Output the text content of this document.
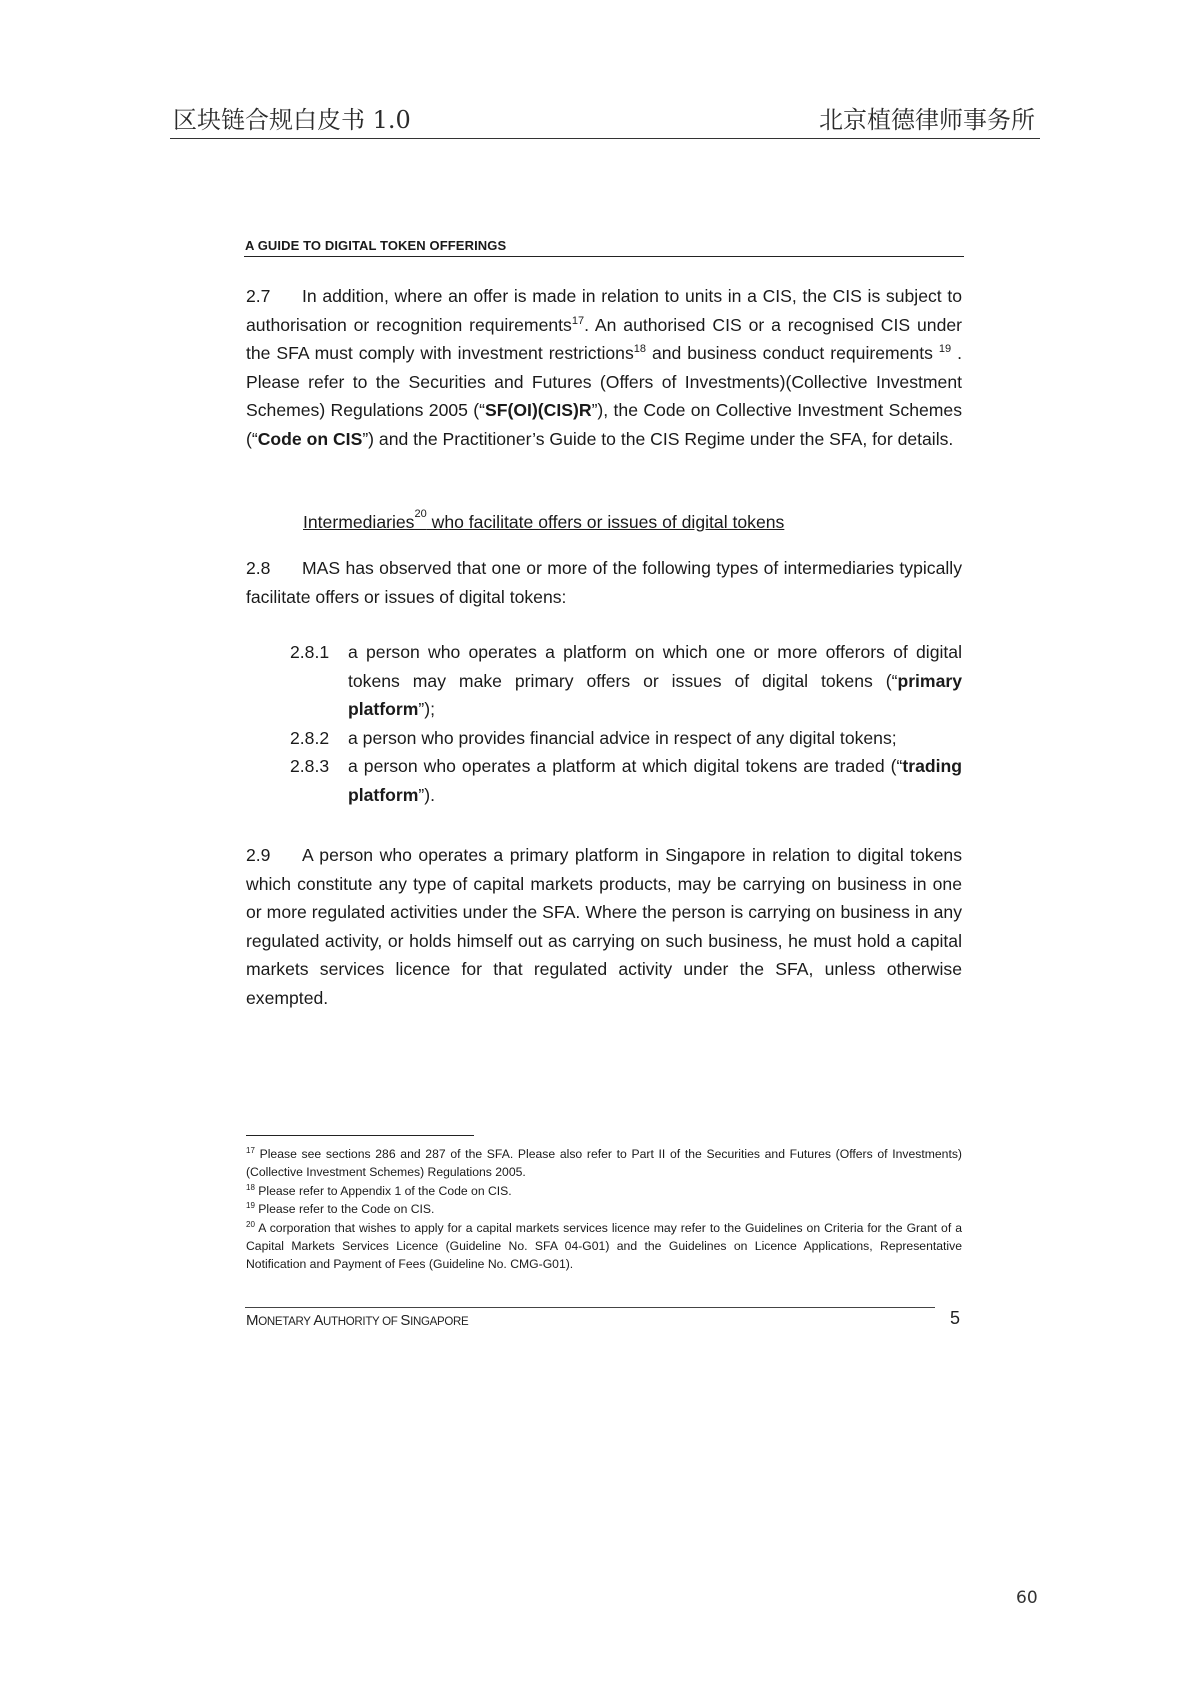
区块链合规白皮书 1.0	北京植德律师事务所
A GUIDE TO DIGITAL TOKEN OFFERINGS

2.7 In addition, where an offer is made in relation to units in a CIS, the CIS is subject to authorisation or recognition requirements$^{17}$. An authorised CIS or a recognised CIS under the SFA must comply with investment restrictions$^{18}$ and business conduct requirements $^{19}$ . Please refer to the Securities and Futures (Offers of Investments)(Collective Investment Schemes) Regulations 2005 (“SF(OI)(CIS)R”), the Code on Collective Investment Schemes (“Code on CIS”) and the Practitioner’s Guide to the CIS Regime under the SFA, for details.

Intermediaries$^{20}$ who facilitate offers or issues of digital tokens

2.8 MAS has observed that one or more of the following types of intermediaries typically facilitate offers or issues of digital tokens:

2.8.1	a person who operates a platform on which one or more offerors of digital tokens may make primary offers or issues of digital tokens (“primary platform”);
2.8.2	a person who provides financial advice in respect of any digital tokens;
2.8.3	a person who operates a platform at which digital tokens are traded (“trading platform”).

2.9 A person who operates a primary platform in Singapore in relation to digital tokens which constitute any type of capital markets products, may be carrying on business in one or more regulated activities under the SFA. Where the person is carrying on business in any regulated activity, or holds himself out as carrying on such business, he must hold a capital markets services licence for that regulated activity under the SFA, unless otherwise exempted.

$^{17}$ Please see sections 286 and 287 of the SFA. Please also refer to Part II of the Securities and Futures (Offers of Investments)(Collective Investment Schemes) Regulations 2005.
$^{18}$ Please refer to Appendix 1 of the Code on CIS.
$^{19}$ Please refer to the Code on CIS.
$^{20}$ A corporation that wishes to apply for a capital markets services licence may refer to the Guidelines on Criteria for the Grant of a Capital Markets Services Licence (Guideline No. SFA 04-G01) and the Guidelines on Licence Applications, Representative Notification and Payment of Fees (Guideline No. CMG-G01).
MONETARY AUTHORITY OF SINGAPORE	5
60
